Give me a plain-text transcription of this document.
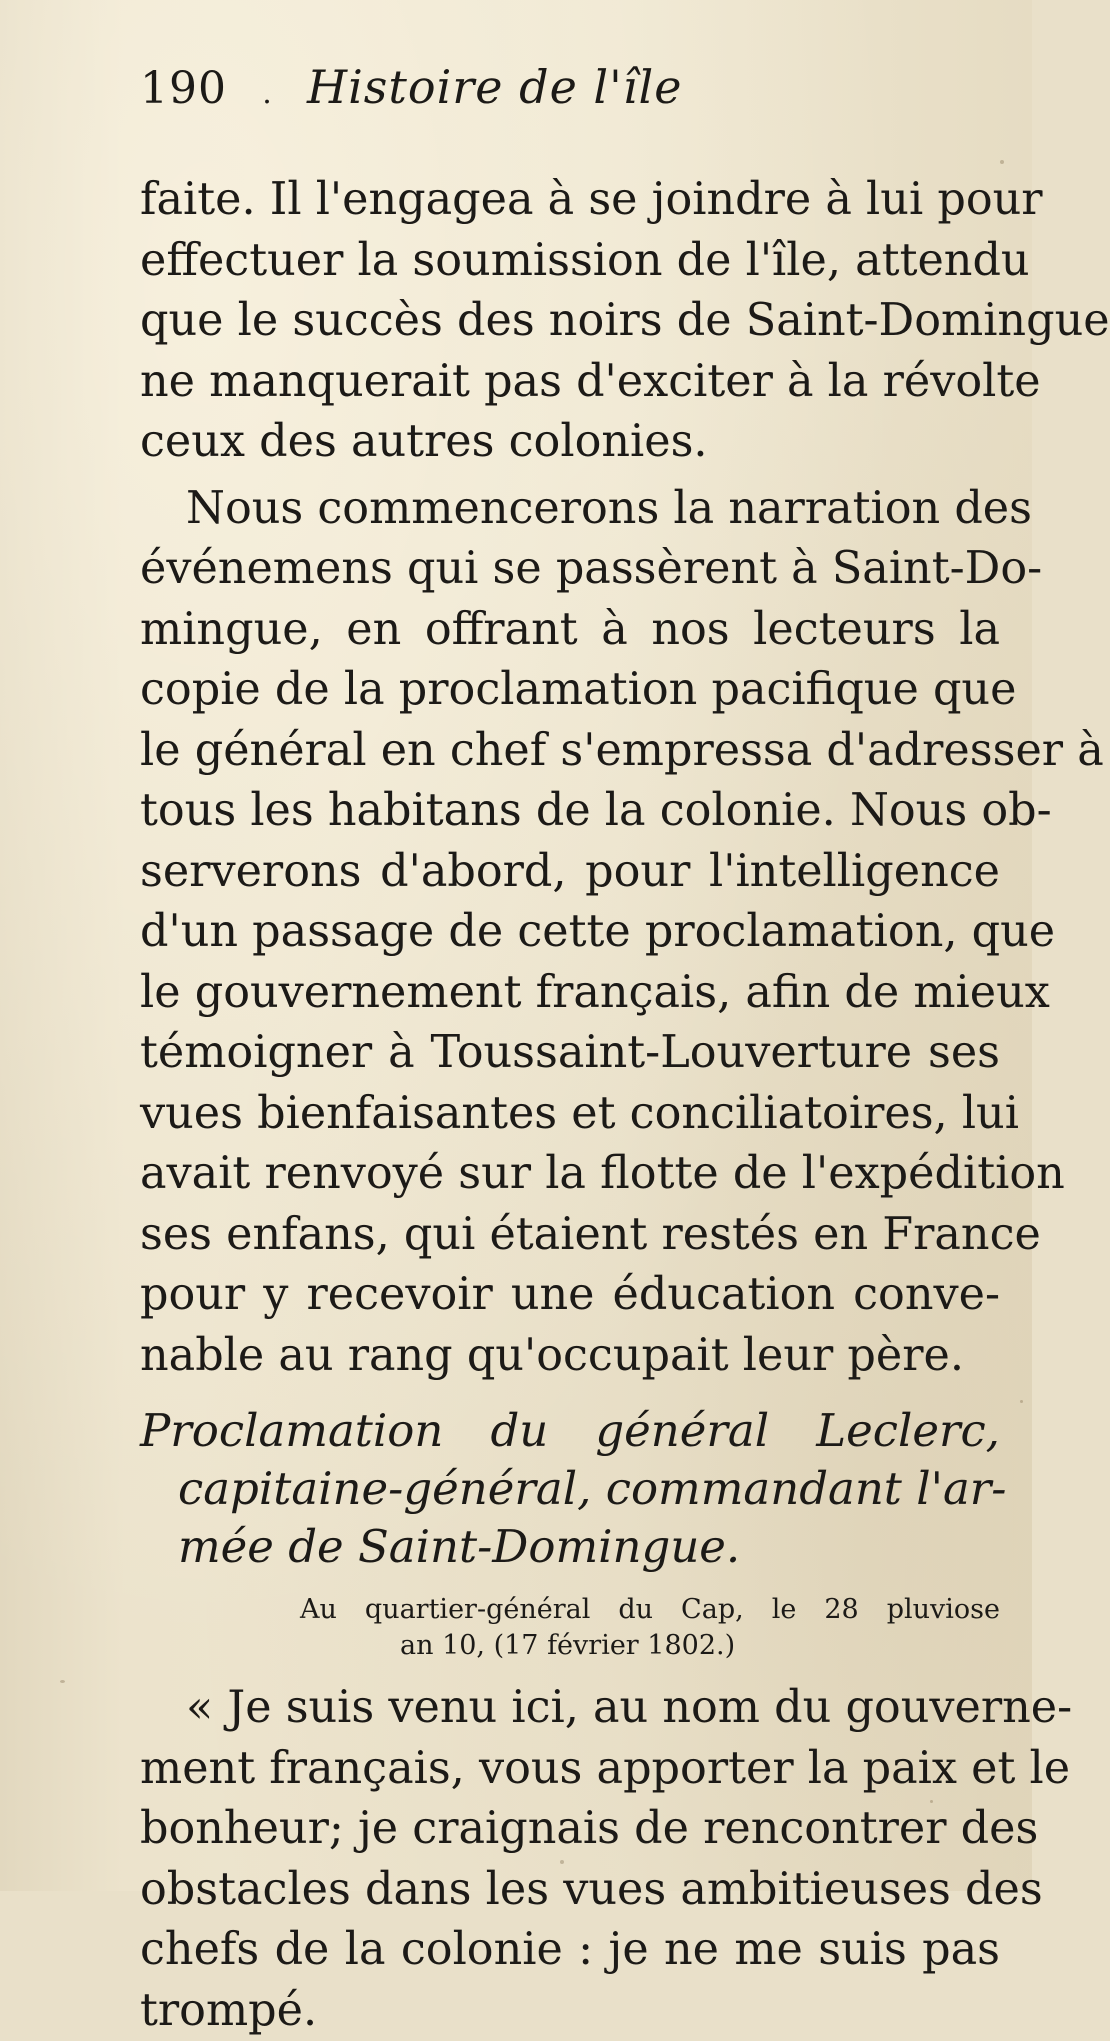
190	. Histoire de l'île
faite. Il l'engagea à se joindre à lui pour
effectuer la soumission de l'île, attendu
que le succès des noirs de Saint-Domingue
ne manquerait pas d'exciter à la révolte
ceux des autres colonies.
Nous commencerons la narration des
événemens qui se passèrent à Saint-Do-
mingue, en offrant à nos lecteurs la
copie de la proclamation pacifique que
le général en chef s'empressa d'adresser à
tous les habitans de la colonie. Nous ob-
serverons d'abord, pour l'intelligence
d'un passage de cette proclamation, que
le gouvernement français, afin de mieux
témoigner à Toussaint-Louverture ses
vues bienfaisantes et conciliatoires, lui
avait renvoyé sur la flotte de l'expédition
ses enfans, qui étaient restés en France
pour y recevoir une éducation conve-
nable au rang qu'occupait leur père.
Proclamation du général Leclerc,
capitaine-général, commandant l'ar-
mée de Saint-Domingue.
Au quartier-général du Cap, le 28 pluviose
an 10, (17 février 1802.)
« Je suis venu ici, au nom du gouverne-
ment français, vous apporter la paix et le
bonheur; je craignais de rencontrer des
obstacles dans les vues ambitieuses des
chefs de la colonie : je ne me suis pas
trompé.
